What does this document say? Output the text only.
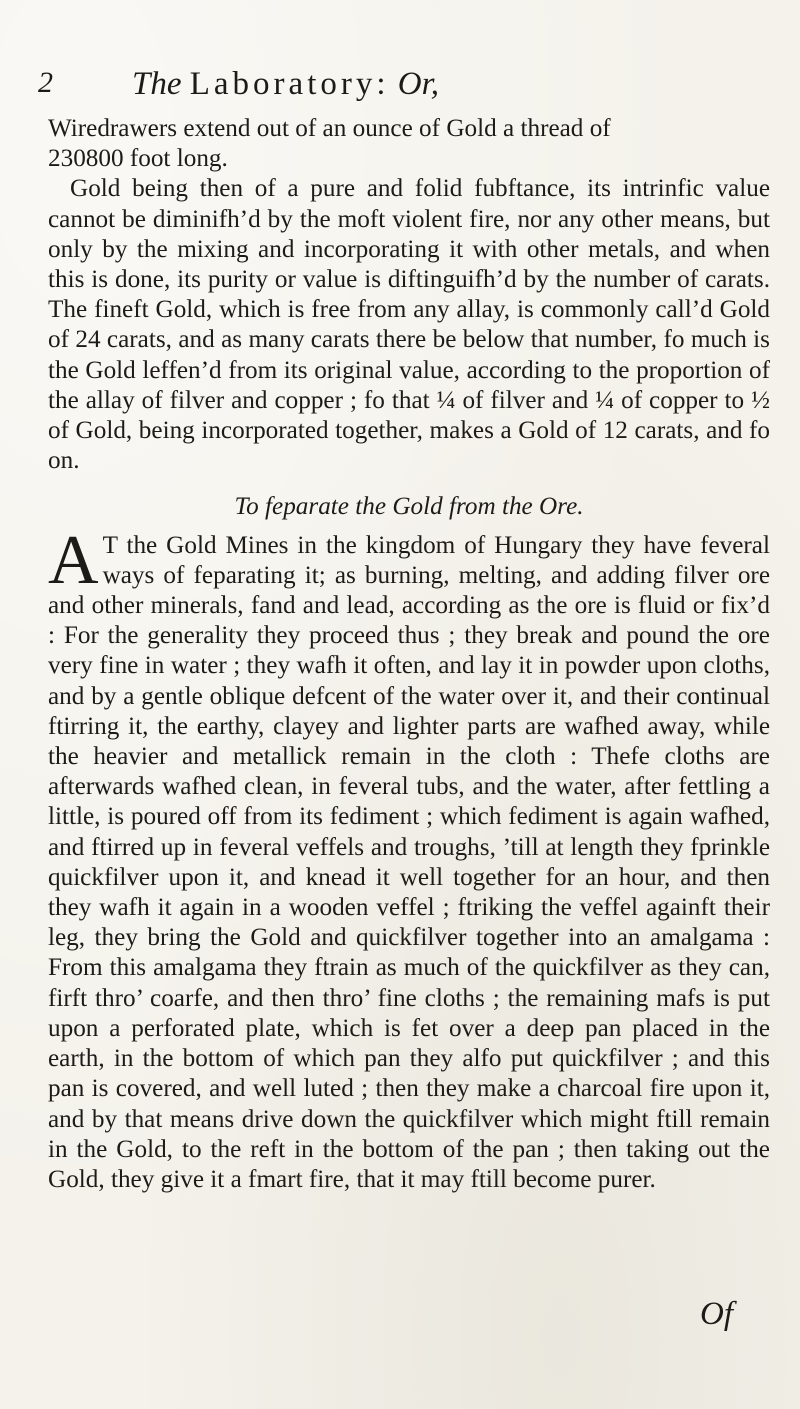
2 The Laboratory: Or,

Wiredrawers extend out of an ounce of Gold a thread of
230800 foot long.

Gold being then of a pure and folid fubftance, its intrinfic value cannot be diminifh’d by the moft violent fire, nor any other means, but only by the mixing and incorporating it with other metals, and when this is done, its purity or value is diftinguifh’d by the number of carats. The fineft Gold, which is free from any allay, is commonly call’d Gold of 24 carats, and as many carats there be below that number, fo much is the Gold leffen’d from its original value, according to the proportion of the allay of filver and copper ; fo that ¼ of filver and ¼ of copper to ½ of Gold, being incorporated together, makes a Gold of 12 carats, and fo on.

To feparate the Gold from the Ore.

A T the Gold Mines in the kingdom of Hungary they have feveral ways of feparating it; as burning, melting, and adding filver ore and other minerals, fand and lead, according as the ore is fluid or fix’d : For the generality they proceed thus ; they break and pound the ore very fine in water ; they wafh it often, and lay it in powder upon cloths, and by a gentle oblique defcent of the water over it, and their continual ftirring it, the earthy, clayey and lighter parts are wafhed away, while the heavier and metallick remain in the cloth : Thefe cloths are afterwards wafhed clean, in feveral tubs, and the water, after fettling a little, is poured off from its fediment ; which fediment is again wafhed, and ftirred up in feveral veffels and troughs, ’till at length they fprinkle quickfilver upon it, and knead it well together for an hour, and then they wafh it again in a wooden veffel ; ftriking the veffel againft their leg, they bring the Gold and quickfilver together into an amalgama : From this amalgama they ftrain as much of the quickfilver as they can, firft thro’ coarfe, and then thro’ fine cloths ; the remaining mafs is put upon a perforated plate, which is fet over a deep pan placed in the earth, in the bottom of which pan they alfo put quickfilver ; and this pan is covered, and well luted ; then they make a charcoal fire upon it, and by that means drive down the quickfilver which might ftill remain in the Gold, to the reft in the bottom of the pan ; then taking out the Gold, they give it a fmart fire, that it may ftill become purer.

Of
